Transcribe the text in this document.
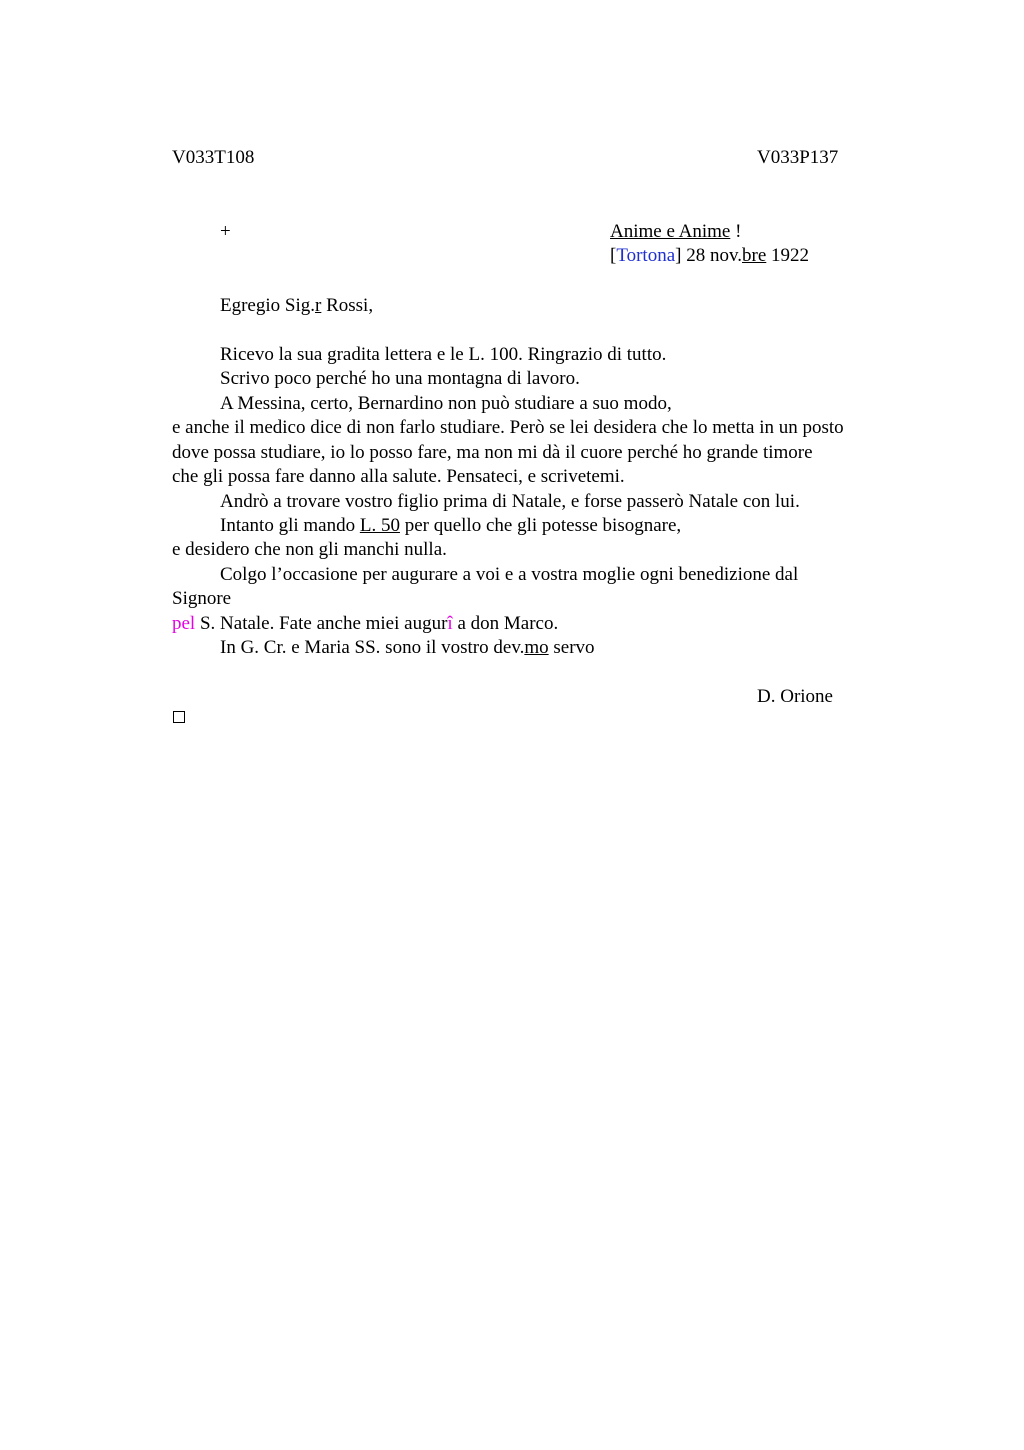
V033T108	V033P137
+	Anime e Anime !
[Tortona] 28 nov.bre 1922
Egregio Sig.r Rossi,
Ricevo la sua gradita lettera e le L. 100. Ringrazio di tutto.
Scrivo poco perché ho una montagna di lavoro.
A Messina, certo, Bernardino non può studiare a suo modo,
e anche il medico dice di non farlo studiare. Però se lei desidera che lo metta in un posto
dove possa studiare, io lo posso fare, ma non mi dà il cuore perché ho grande timore
che gli possa fare danno alla salute. Pensateci, e scrivetemi.
Andrò a trovare vostro figlio prima di Natale, e forse passerò Natale con lui.
Intanto gli mando L. 50 per quello che gli potesse bisognare,
e desidero che non gli manchi nulla.
Colgo l’occasione per augurare a voi e a vostra moglie ogni benedizione dal
Signore
pel S. Natale. Fate anche miei augurî a don Marco.
In G. Cr. e Maria SS. sono il vostro dev.mo servo
D. Orione
